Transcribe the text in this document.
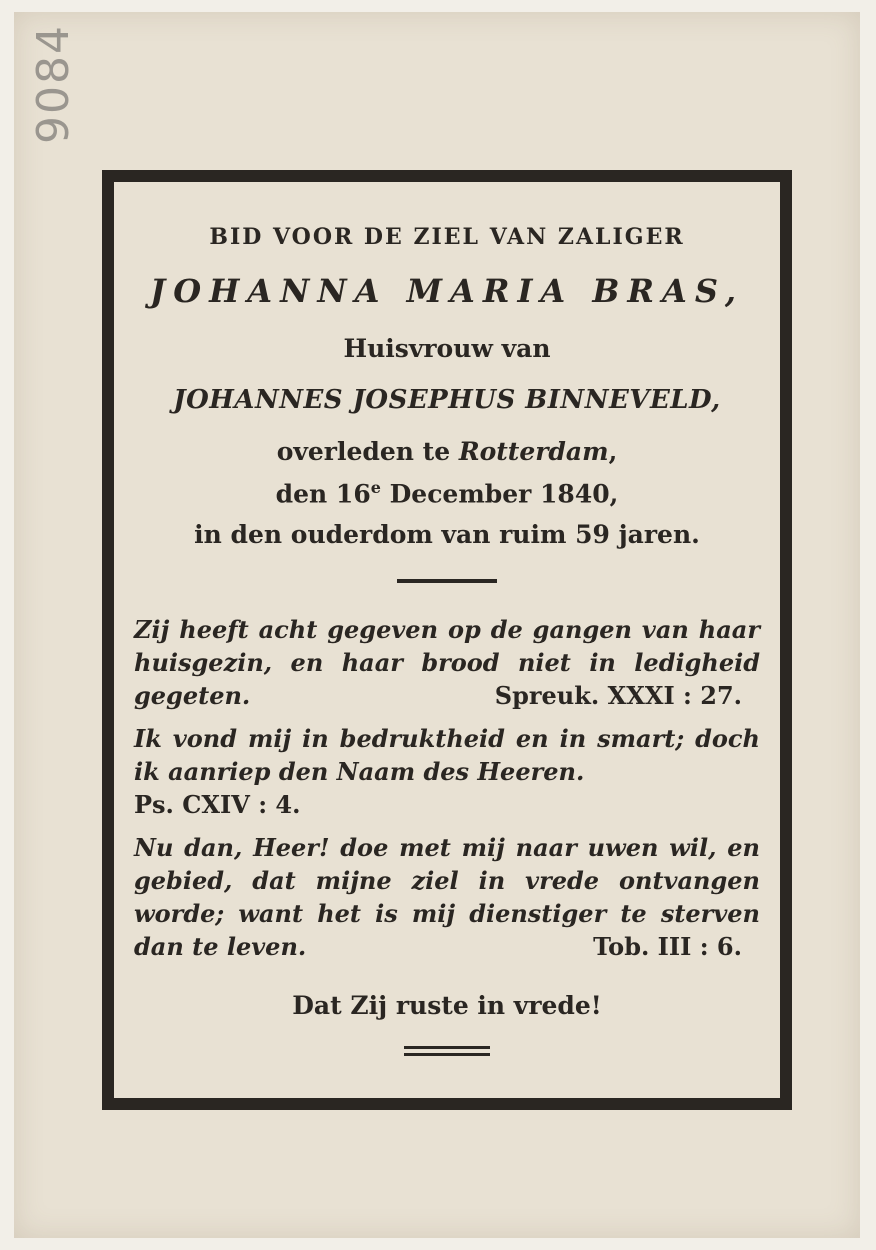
9084
BID VOOR DE ZIEL VAN ZALIGER
JOHANNA MARIA BRAS,
Huisvrouw van
JOHANNES JOSEPHUS BINNEVELD,
overleden te Rotterdam,
den 16e December 1840,
in den ouderdom van ruim 59 jaren.
Zij heeft acht gegeven op de gangen van haar huisgezin, en haar brood niet in ledigheid gegeten.	Spreuk. XXXI : 27.
Ik vond mij in bedruktheid en in smart; doch ik aanriep den Naam des Heeren.
Ps. CXIV : 4.
Nu dan, Heer! doe met mij naar uwen wil, en gebied, dat mijne ziel in vrede ontvangen worde; want het is mij dienstiger te sterven dan te leven.	Tob. III : 6.
Dat Zij ruste in vrede!
